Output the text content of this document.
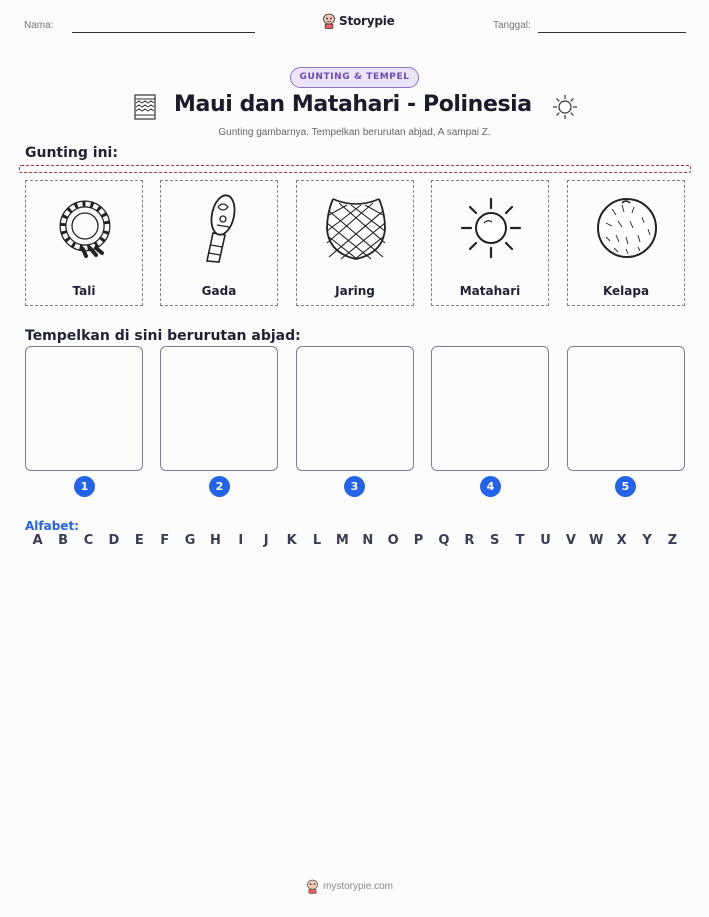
Nama:	Storypie	Tanggal:
GUNTING & TEMPEL
Maui dan Matahari - Polinesia
Gunting gambarnya. Tempelkan berurutan abjad, A sampai Z.
Gunting ini:
Tali	Gada	Jaring	Matahari	Kelapa
Tempelkan di sini berurutan abjad:
1	2	3	4	5
Alfabet:
A	B	C	D	E	F	G	H	I	J	K	L	M	N	O	P	Q	R	S	T	U	V	W	X	Y	Z
mystorypie.com
